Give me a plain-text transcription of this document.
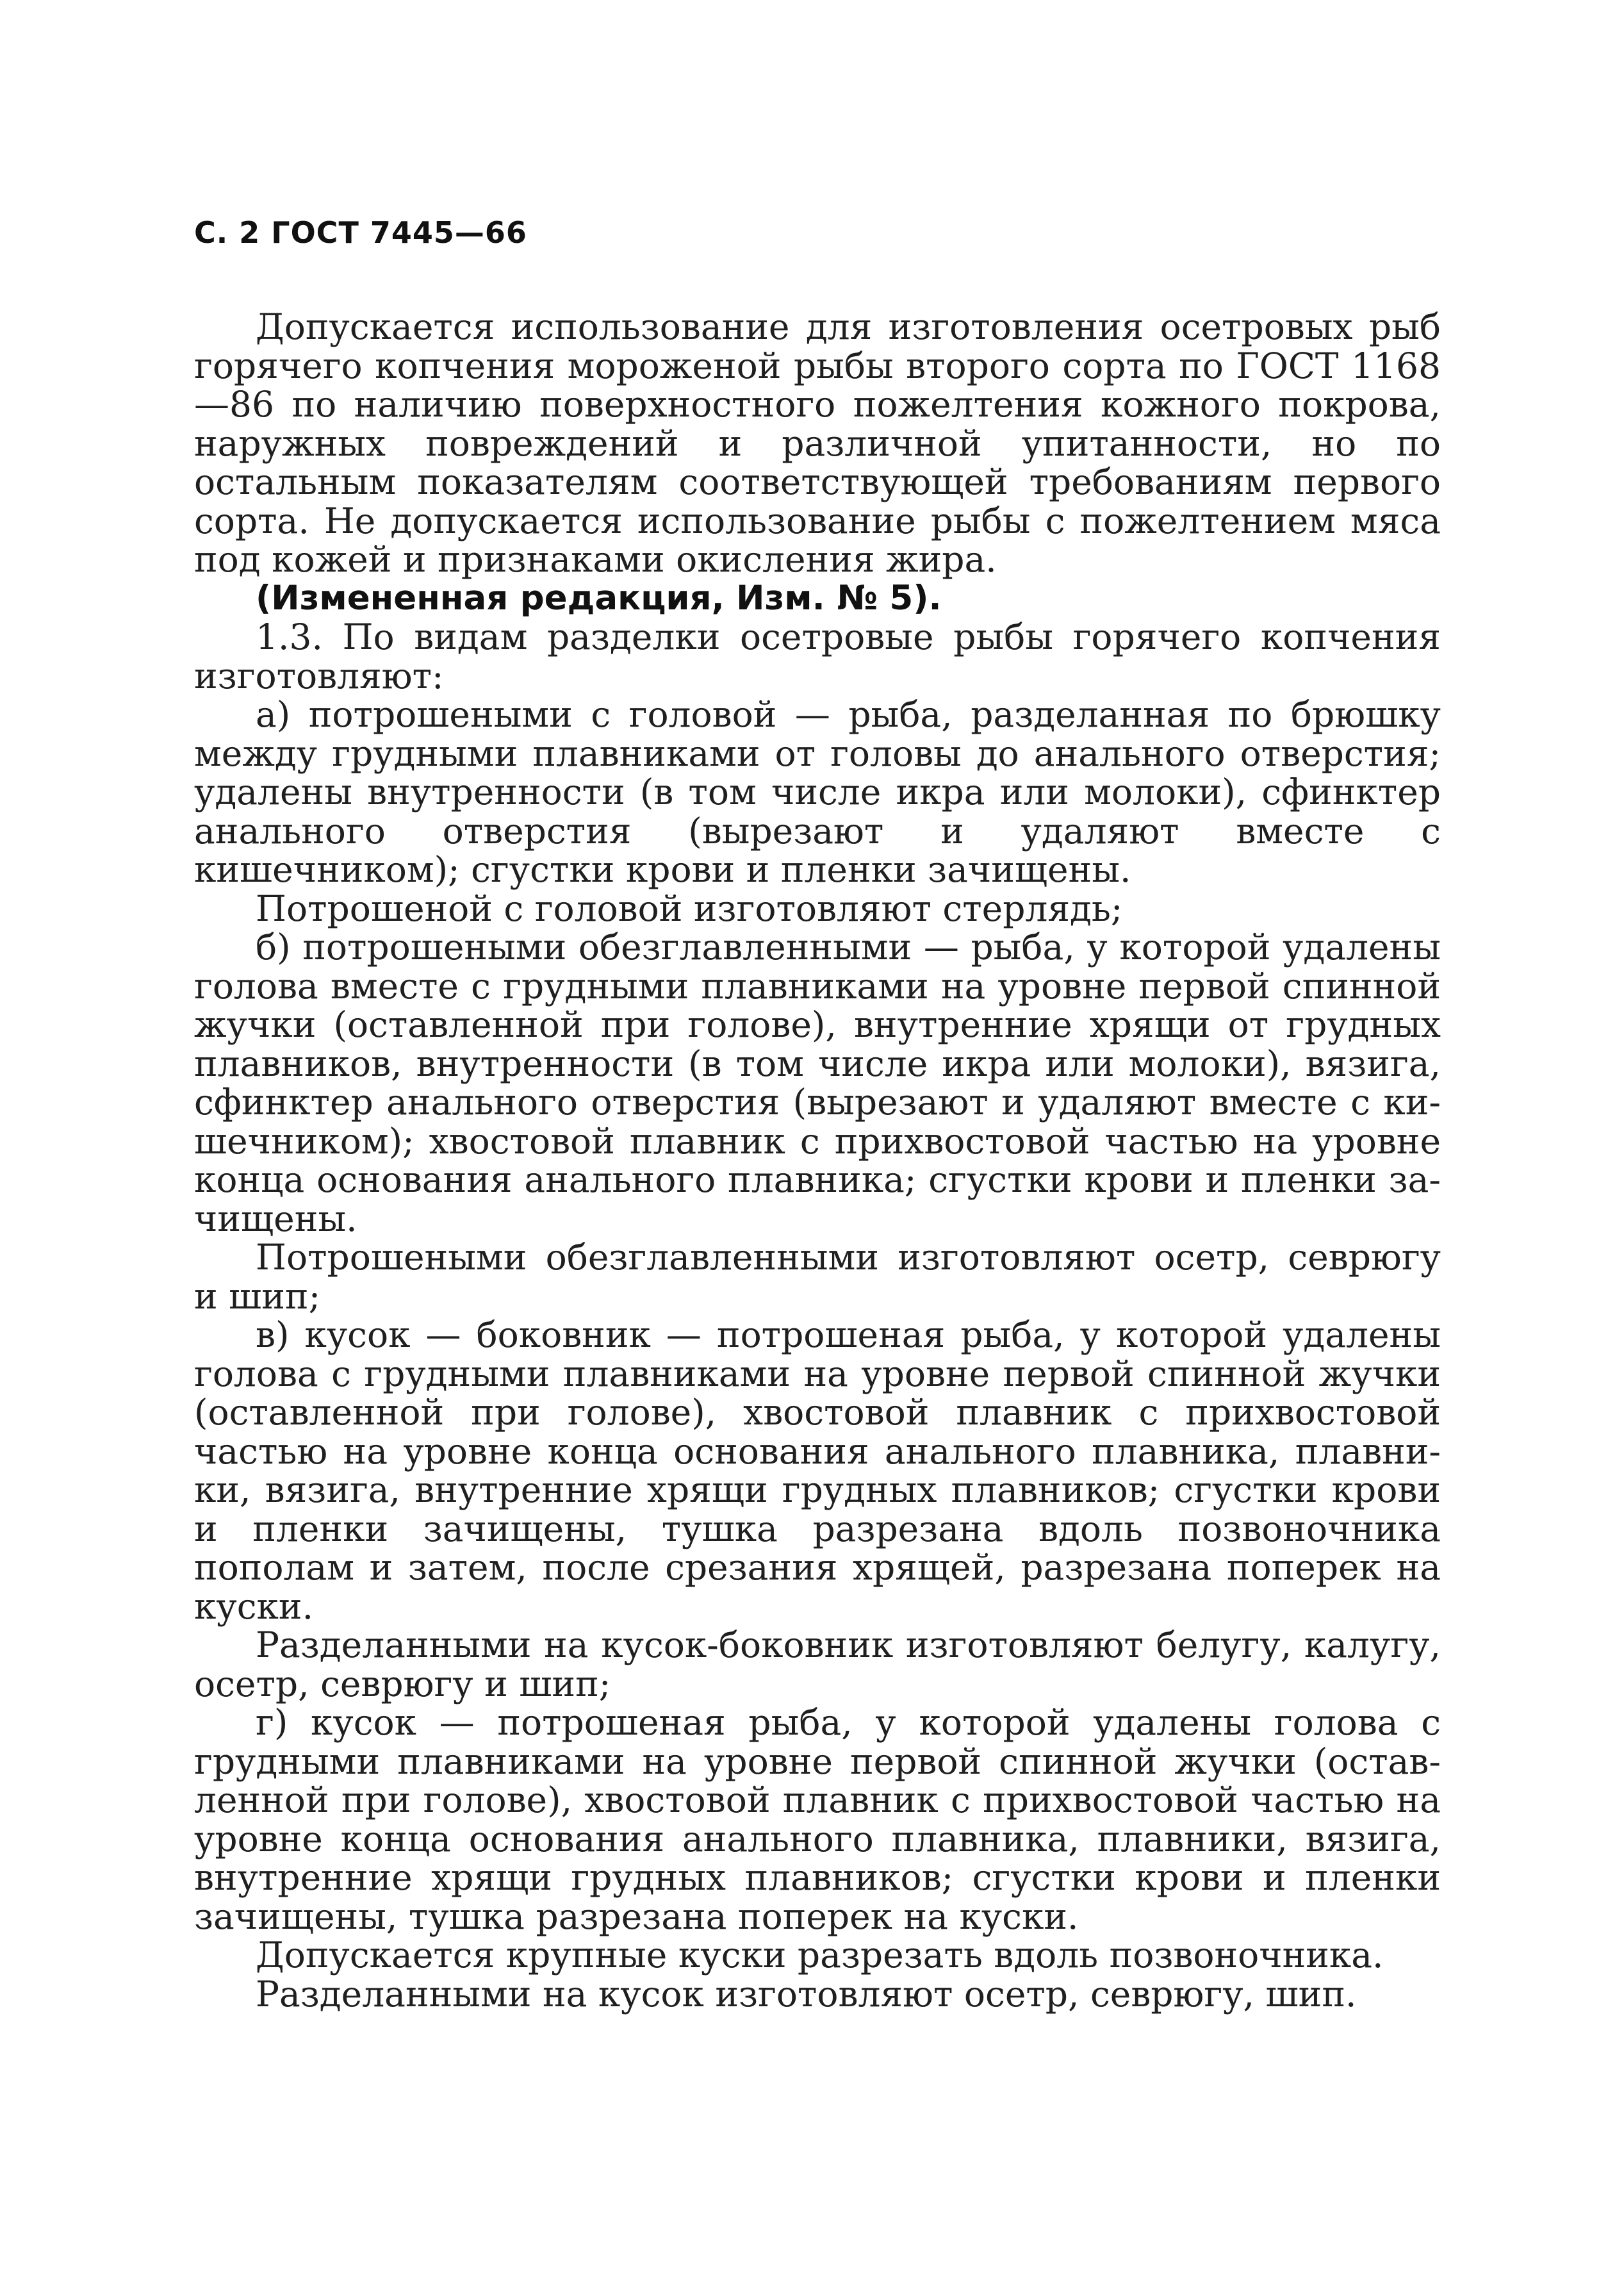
С. 2 ГОСТ 7445—66

Допускается использование для изготовления осетровых рыб горячего копчения мороженой рыбы второго сорта по ГОСТ 1168—86 по наличию поверхностного пожелтения кожного покрова, наружных повреждений и различной упитанности, но по остальным показателям соответствующей требованиям первого сорта. Не допускается использование рыбы с пожелтением мяса под кожей и признаками окисления жира.

(Измененная редакция, Изм. № 5).

1.3. По видам разделки осетровые рыбы горячего копчения изготовляют:

а) потрошеными с головой — рыба, разделанная по брюшку между грудными плавниками от головы до анального отверстия; удалены внутренности (в том числе икра или молоки), сфинктер анального отверстия (вырезают и удаляют вместе с кишечником); сгустки крови и пленки зачищены.

Потрошеной с головой изготовляют стерлядь;

б) потрошеными обезглавленными — рыба, у которой удалены голова вместе с грудными плавниками на уровне первой спинной жучки (оставленной при голове), внутренние хрящи от грудных плавников, внутренности (в том числе икра или молоки), вязига, сфинктер анального отверстия (вырезают и удаляют вместе с кишечником); хвостовой плавник с прихвостовой частью на уровне конца основания анального плавника; сгустки крови и пленки зачищены.

Потрошеными обезглавленными изготовляют осетр, севрюгу и шип;

в) кусок — боковник — потрошеная рыба, у которой удалены голова с грудными плавниками на уровне первой спинной жучки (оставленной при голове), хвостовой плавник с прихвостовой частью на уровне конца основания анального плавника, плавники, вязига, внутренние хрящи грудных плавников; сгустки крови и пленки зачищены, тушка разрезана вдоль позвоночника пополам и затем, после срезания хрящей, разрезана поперек на куски.

Разделанными на кусок-боковник изготовляют белугу, калугу, осетр, севрюгу и шип;

г) кусок — потрошеная рыба, у которой удалены голова с грудными плавниками на уровне первой спинной жучки (оставленной при голове), хвостовой плавник с прихвостовой частью на уровне конца основания анального плавника, плавники, вязига, внутренние хрящи грудных плавников; сгустки крови и пленки зачищены, тушка разрезана поперек на куски.

Допускается крупные куски разрезать вдоль позвоночника.

Разделанными на кусок изготовляют осетр, севрюгу, шип.
